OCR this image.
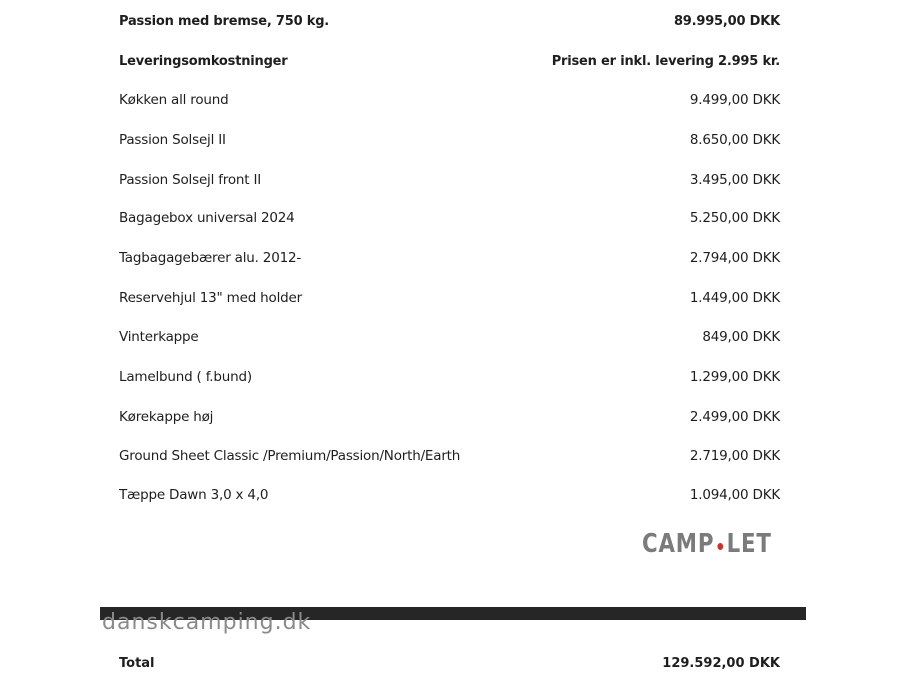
Passion med bremse, 750 kg.	89.995,00 DKK
Leveringsomkostninger	Prisen er inkl. levering 2.995 kr.
Køkken all round	9.499,00 DKK
Passion Solsejl II	8.650,00 DKK
Passion Solsejl front II	3.495,00 DKK
Bagagebox universal 2024	5.250,00 DKK
Tagbagagebærer alu. 2012-	2.794,00 DKK
Reservehjul 13" med holder	1.449,00 DKK
Vinterkappe	849,00 DKK
Lamelbund ( f.bund)	1.299,00 DKK
Kørekappe høj	2.499,00 DKK
Ground Sheet Classic /Premium/Passion/North/Earth	2.719,00 DKK
Tæppe Dawn 3,0 x 4,0	1.094,00 DKK
CAMP LET
danskcamping.dk
Total	129.592,00 DKK
